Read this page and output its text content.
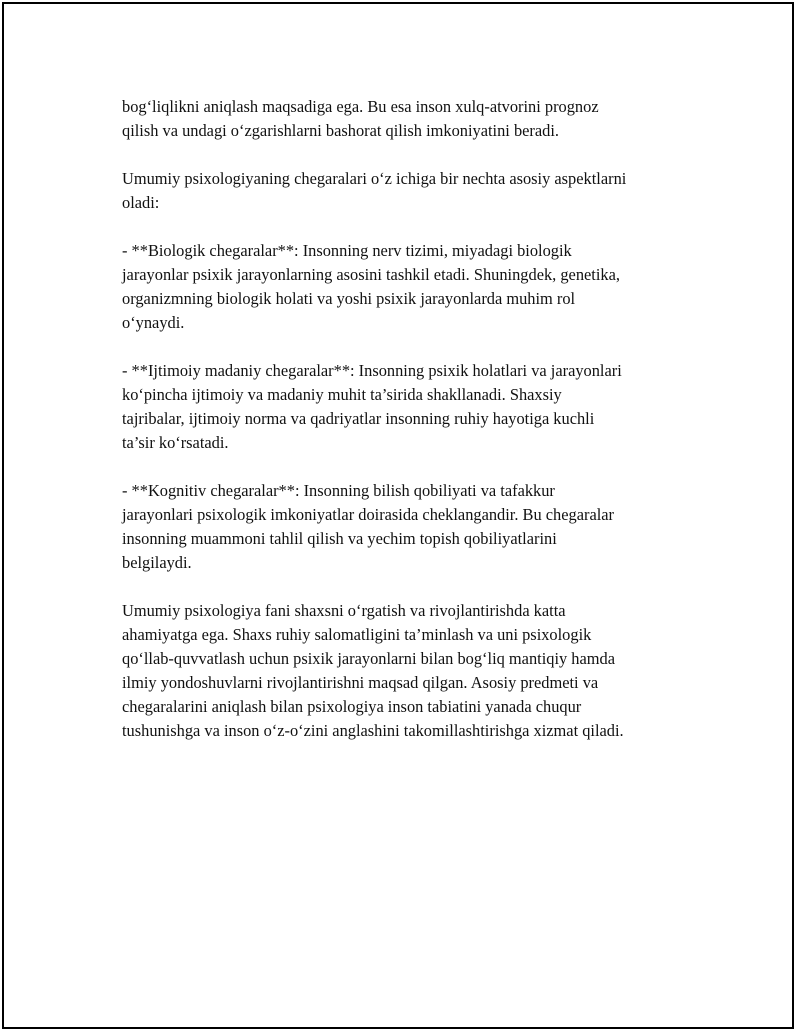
bog‘liqlikni aniqlash maqsadiga ega. Bu esa inson xulq-atvorini prognoz
qilish va undagi o‘zgarishlarni bashorat qilish imkoniyatini beradi.

Umumiy psixologiyaning chegaralari o‘z ichiga bir nechta asosiy aspektlarni
oladi:

- **Biologik chegaralar**: Insonning nerv tizimi, miyadagi biologik
jarayonlar psixik jarayonlarning asosini tashkil etadi. Shuningdek, genetika,
organizmning biologik holati va yoshi psixik jarayonlarda muhim rol
o‘ynaydi.

- **Ijtimoiy madaniy chegaralar**: Insonning psixik holatlari va jarayonlari
ko‘pincha ijtimoiy va madaniy muhit ta’sirida shakllanadi. Shaxsiy
tajribalar, ijtimoiy norma va qadriyatlar insonning ruhiy hayotiga kuchli
ta’sir ko‘rsatadi.

- **Kognitiv chegaralar**: Insonning bilish qobiliyati va tafakkur
jarayonlari psixologik imkoniyatlar doirasida cheklangandir. Bu chegaralar
insonning muammoni tahlil qilish va yechim topish qobiliyatlarini
belgilaydi.

Umumiy psixologiya fani shaxsni o‘rgatish va rivojlantirishda katta
ahamiyatga ega. Shaxs ruhiy salomatligini ta’minlash va uni psixologik
qo‘llab-quvvatlash uchun psixik jarayonlarni bilan bog‘liq mantiqiy hamda
ilmiy yondoshuvlarni rivojlantirishni maqsad qilgan. Asosiy predmeti va
chegaralarini aniqlash bilan psixologiya inson tabiatini yanada chuqur
tushunishga va inson o‘z-o‘zini anglashini takomillashtirishga xizmat qiladi.
